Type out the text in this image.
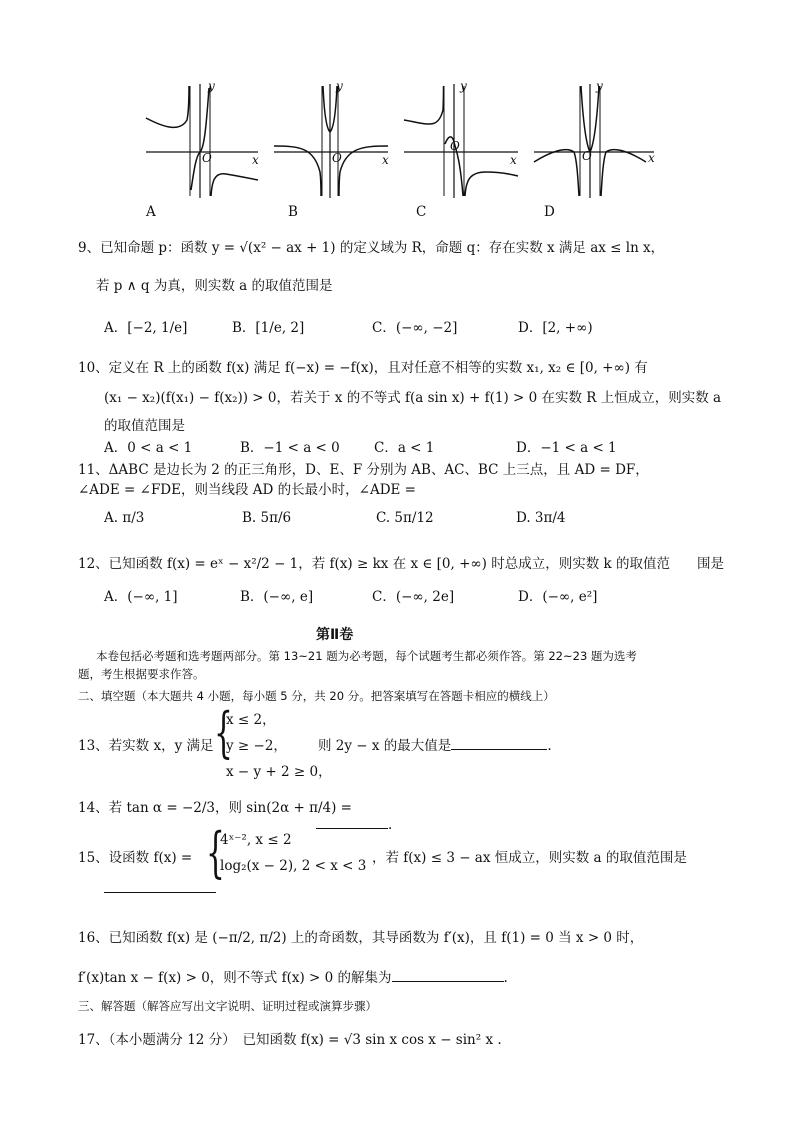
y
x
O
A
y
x
O
B
y
x
O
C
y
x
O
D
9、已知命题 p：函数 y = √(x² − ax + 1) 的定义域为 R，命题 q：存在实数 x 满足 ax ≤ ln x，
若 p ∧ q 为真，则实数 a 的取值范围是
A．[−2, 1/e]	B．[1/e, 2]	C．(−∞, −2]	D．[2, +∞)
10、定义在 R 上的函数 f(x) 满足 f(−x) = −f(x)，且对任意不相等的实数 x₁, x₂ ∈ [0, +∞) 有
(x₁ − x₂)(f(x₁) − f(x₂)) > 0，若关于 x 的不等式 f(a sin x) + f(1) > 0 在实数 R 上恒成立，则实数 a
的取值范围是
A．0 < a < 1	B．−1 < a < 0	C．a < 1	D．−1 < a < 1
11、ΔABC 是边长为 2 的正三角形，D、E、F 分别为 AB、AC、BC 上三点，且 AD = DF，
∠ADE = ∠FDE，则当线段 AD 的长最小时，∠ADE =
A. π/3	B. 5π/6	C. 5π/12	D. 3π/4
12、已知函数 f(x) = eˣ − x²/2 − 1，若 f(x) ≥ kx 在 x ∈ [0, +∞) 时总成立，则实数 k 的取值范　　围是
A．(−∞, 1]	B．(−∞, e]	C．(−∞, 2e]	D．(−∞, e²]
第Ⅱ卷
本卷包括必考题和选考题两部分。第 13~21 题为必考题，每个试题考生都必须作答。第 22~23 题为选考
题，考生根据要求作答。
二、填空题（本大题共 4 小题，每小题 5 分，共 20 分。把答案填写在答题卡相应的横线上）
13、若实数 x，y 满足 {
x ≤ 2，
y ≥ −2，
x − y + 2 ≥ 0，
则 2y − x 的最大值是	.
14、若 tan α = −2/3，则 sin(2α + π/4) =
.
15、设函数 f(x) = {
4ˣ⁻², x ≤ 2
log₂(x − 2), 2 < x < 3 ，若 f(x) ≤ 3 − ax 恒成立，则实数 a 的取值范围是
16、已知函数 f(x) 是 (−π/2, π/2) 上的奇函数，其导函数为 f′(x)，且 f(1) = 0 当 x > 0 时，
f′(x)tan x − f(x) > 0，则不等式 f(x) > 0 的解集为	.
三、解答题（解答应写出文字说明、证明过程或演算步骤）
17、（本小题满分 12 分）　已知函数 f(x) = √3 sin x cos x − sin² x .
